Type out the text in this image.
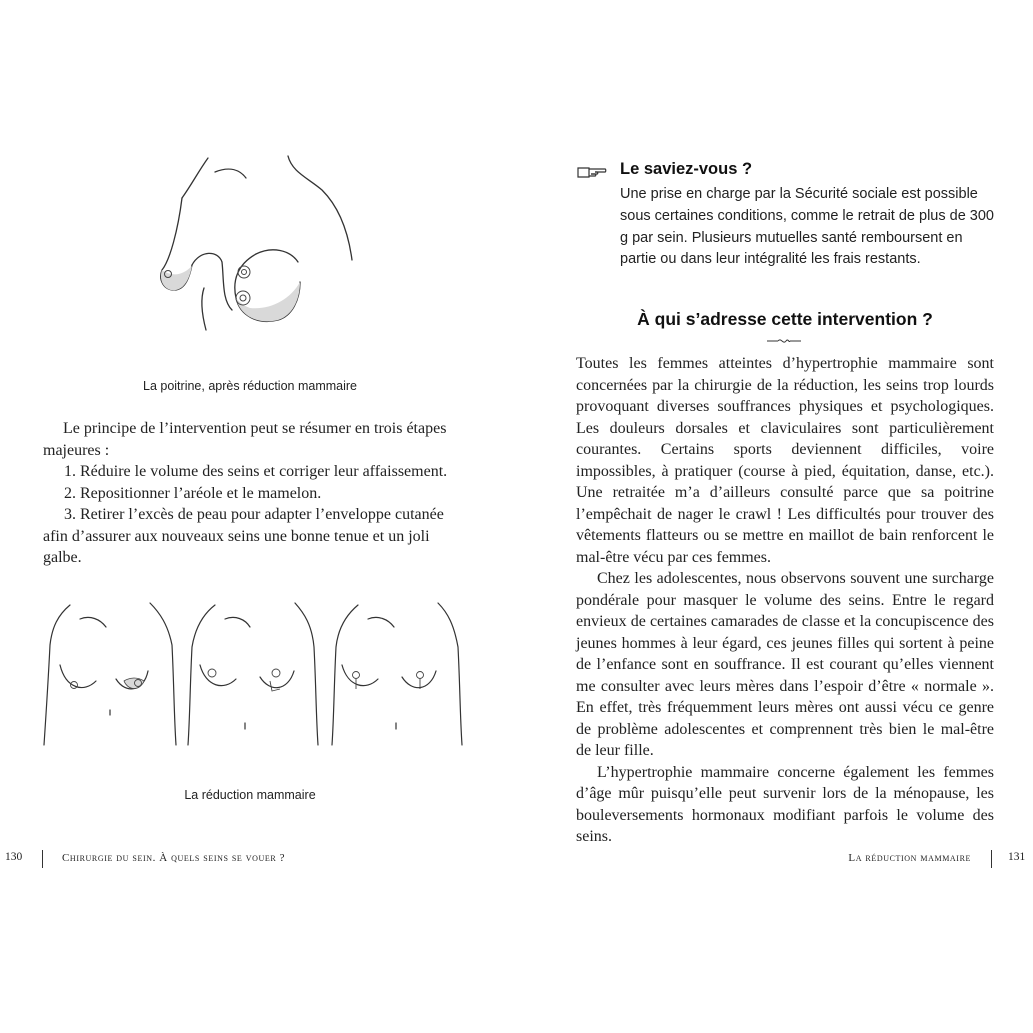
La poitrine, après réduction mammaire

Le principe de l’intervention peut se résumer en trois étapes majeures :

1. Réduire le volume des seins et corriger leur affaissement.

2. Repositionner l’aréole et le mamelon.

3. Retirer l’excès de peau pour adapter l’enveloppe cutanée afin d’assurer aux nouveaux seins une bonne tenue et un joli galbe.

La réduction mammaire
130	Chirurgie du sein. À quels seins se vouer ?
Le saviez-vous ?
Une prise en charge par la Sécurité sociale est possible sous certaines conditions, comme le retrait de plus de 300 g par sein. Plusieurs mutuelles santé remboursent en partie ou dans leur intégralité les frais restants.
À qui s’adresse cette intervention ?

Toutes les femmes atteintes d’hypertrophie mammaire sont concernées par la chirurgie de la réduction, les seins trop lourds provoquant diverses souffrances physiques et psychologiques. Les douleurs dorsales et claviculaires sont particulièrement courantes. Certains sports deviennent difficiles, voire impossibles, à pratiquer (course à pied, équitation, danse, etc.). Une retraitée m’a d’ailleurs consulté parce que sa poitrine l’empêchait de nager le crawl ! Les difficultés pour trouver des vêtements flatteurs ou se mettre en maillot de bain renforcent le mal-être vécu par ces femmes.

Chez les adolescentes, nous observons souvent une surcharge pondérale pour masquer le volume des seins. Entre le regard envieux de certaines camarades de classe et la concupiscence des jeunes hommes à leur égard, ces jeunes filles qui sortent à peine de l’enfance sont en souffrance. Il est courant qu’elles viennent me consulter avec leurs mères dans l’espoir d’être « normale ». En effet, très fréquemment leurs mères ont aussi vécu ce genre de problème adolescentes et comprennent très bien le mal-être de leur fille.

L’hypertrophie mammaire concerne également les femmes d’âge mûr puisqu’elle peut survenir lors de la ménopause, les bouleversements hormonaux modifiant parfois le volume des seins.

La réduction mammaire	131
